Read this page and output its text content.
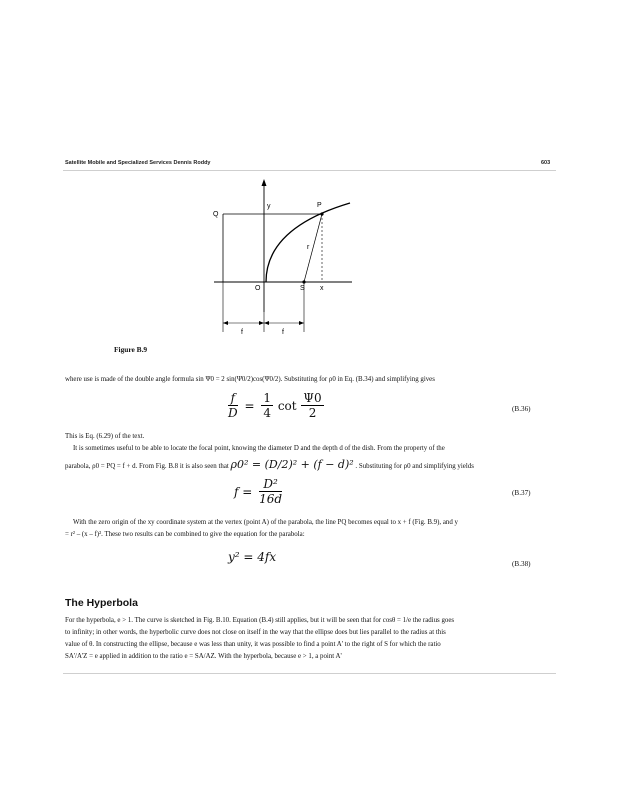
Satellite Mobile and Specialized Services Dennis Roddy	603
y	P
Q
r
O	S x
f	f
Figure B.9
where use is made of the double angle formula sin Ψ0 = 2 sin(Ψ0/2)cos(Ψ0/2). Substituting for ρ0 in Eq. (B.34) and simplifying gives
$\frac{f}{D} = \frac{1}{4}$ $\cot \frac{\Psi 0}{2}$	(B.36)
This is Eq. (6.29) of the text.
It is sometimes useful to be able to locate the focal point, knowing the diameter D and the depth d of the dish. From the property of the
parabola, ρ0 = PQ = f + d. From Fig. B.8 it is also seen that ρ0² = (D/2)² + (f − d)² . Substituting for ρ0 and simplifying yields
$f = \frac{\text{D²}}{16d}$	(B.37)
With the zero origin of the xy coordinate system at the vertex (point A) of the parabola, the line PQ becomes equal to x + f (Fig. B.9), and y
= r² – (x – f)². These two results can be combined to give the equation for the parabola:
y² = 4fx	(B.38)
The Hyperbola
For the hyperbola, e > 1. The curve is sketched in Fig. B.10. Equation (B.4) still applies, but it will be seen that for cosθ = 1/e the radius goes
to infinity; in other words, the hyperbolic curve does not close on itself in the way that the ellipse does but lies parallel to the radius at this
value of θ. In constructing the ellipse, because e was less than unity, it was possible to find a point A' to the right of S for which the ratio
SA'/A'Z = e applied in addition to the ratio e = SA/AZ. With the hyperbola, because e > 1, a point A'
